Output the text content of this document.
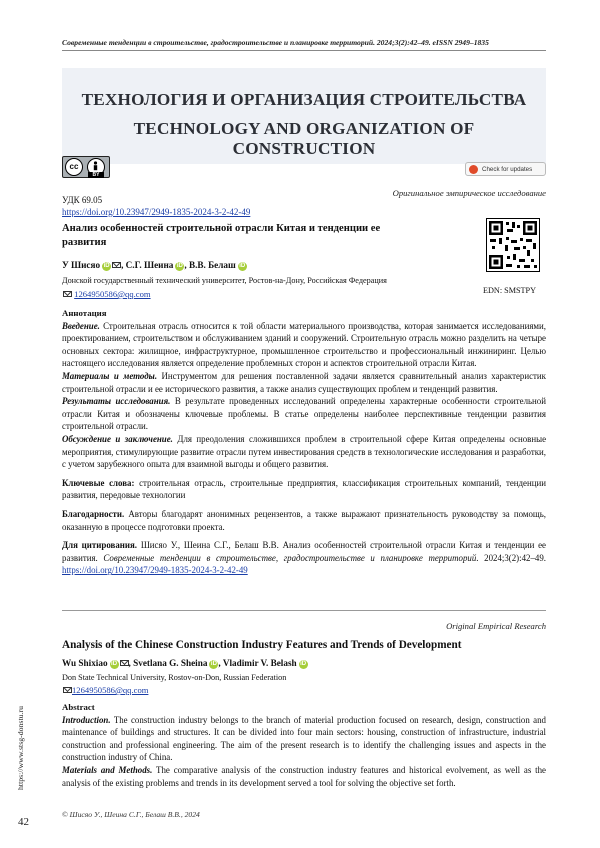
Современные тенденции в строительстве, градостроительстве и планировке территорий. 2024;3(2):42–49. eISSN 2949–1835
ТЕХНОЛОГИЯ И ОРГАНИЗАЦИЯ СТРОИТЕЛЬСТВА
TECHNOLOGY AND ORGANIZATION OF CONSTRUCTION
cc
BY
Check for updates
Оригинальное эмпирическое исследование
УДК 69.05
https://doi.org/10.23947/2949-1835-2024-3-2-42-49
Анализ особенностей строительной отрасли Китая и тенденции ее развития
У Шисяо iD , С.Г. Шеина iD , В.В. Белаш iD
Донской государственный технический университет, Ростов-на-Дону, Российская Федерация
1264950586@qq.com	EDN: SMSTPY
Аннотация
Введение. Строительная отрасль относится к той области материального производства, которая занимается исследованиями, проектированием, строительством и обслуживанием зданий и сооружений. Строительную отрасль можно разделить на четыре основных сектора: жилищное, инфраструктурное, промышленное строительство и профессиональный инжиниринг. Целью настоящего исследования является определение проблемных сторон и аспектов строительной отрасли Китая.
Материалы и методы. Инструментом для решения поставленной задачи является сравнительный анализ характеристик строительной отрасли и ее исторического развития, а также анализ существующих проблем и тенденций развития.
Результаты исследования. В результате проведенных исследований определены характерные особенности строительной отрасли Китая и обозначены ключевые проблемы. В статье определены наиболее перспективные тенденции развития строительной отрасли.
Обсуждение и заключение. Для преодоления сложившихся проблем в строительной сфере Китая определены основные мероприятия, стимулирующие развитие отрасли путем инвестирования средств в технологические исследования и разработки, с учетом зарубежного опыта для взаимной выгоды и общего развития.
Ключевые слова: строительная отрасль, строительные предприятия, классификация строительных компаний, тенденции развития, передовые технологии
Благодарности. Авторы благодарят анонимных рецензентов, а также выражают признательность руководству за помощь, оказанную в процессе подготовки проекта.
Для цитирования. Шисяо У., Шеина С.Г., Белаш В.В. Анализ особенностей строительной отрасли Китая и тенденции ее развития. Современные тенденции в строительстве, градостроительстве и планировке территорий. 2024;3(2):42–49. https://doi.org/10.23947/2949-1835-2024-3-2-42-49
Original Empirical Research
Analysis of the Chinese Construction Industry Features and Trends of Development
Wu Shixiao iD , Svetlana G. Sheina iD , Vladimir V. Belash iD
Don State Technical University, Rostov-on-Don, Russian Federation
1264950586@qq.com
Abstract
Introduction. The construction industry belongs to the branch of material production focused on research, design, construction and maintenance of buildings and structures. It can be divided into four main sectors: housing, construction of infrastructure, industrial construction and professional engineering. The aim of the present research is to identify the challenging issues and aspects in the construction industry of China.
Materials and Methods. The comparative analysis of the construction industry features and historical evolvement, as well as the analysis of the existing problems and trends in its development served a tool for solving the objective set forth.
https://www.stsg-donstu.ru
© Шисяо У., Шеина С.Г., Белаш В.В., 2024
42
